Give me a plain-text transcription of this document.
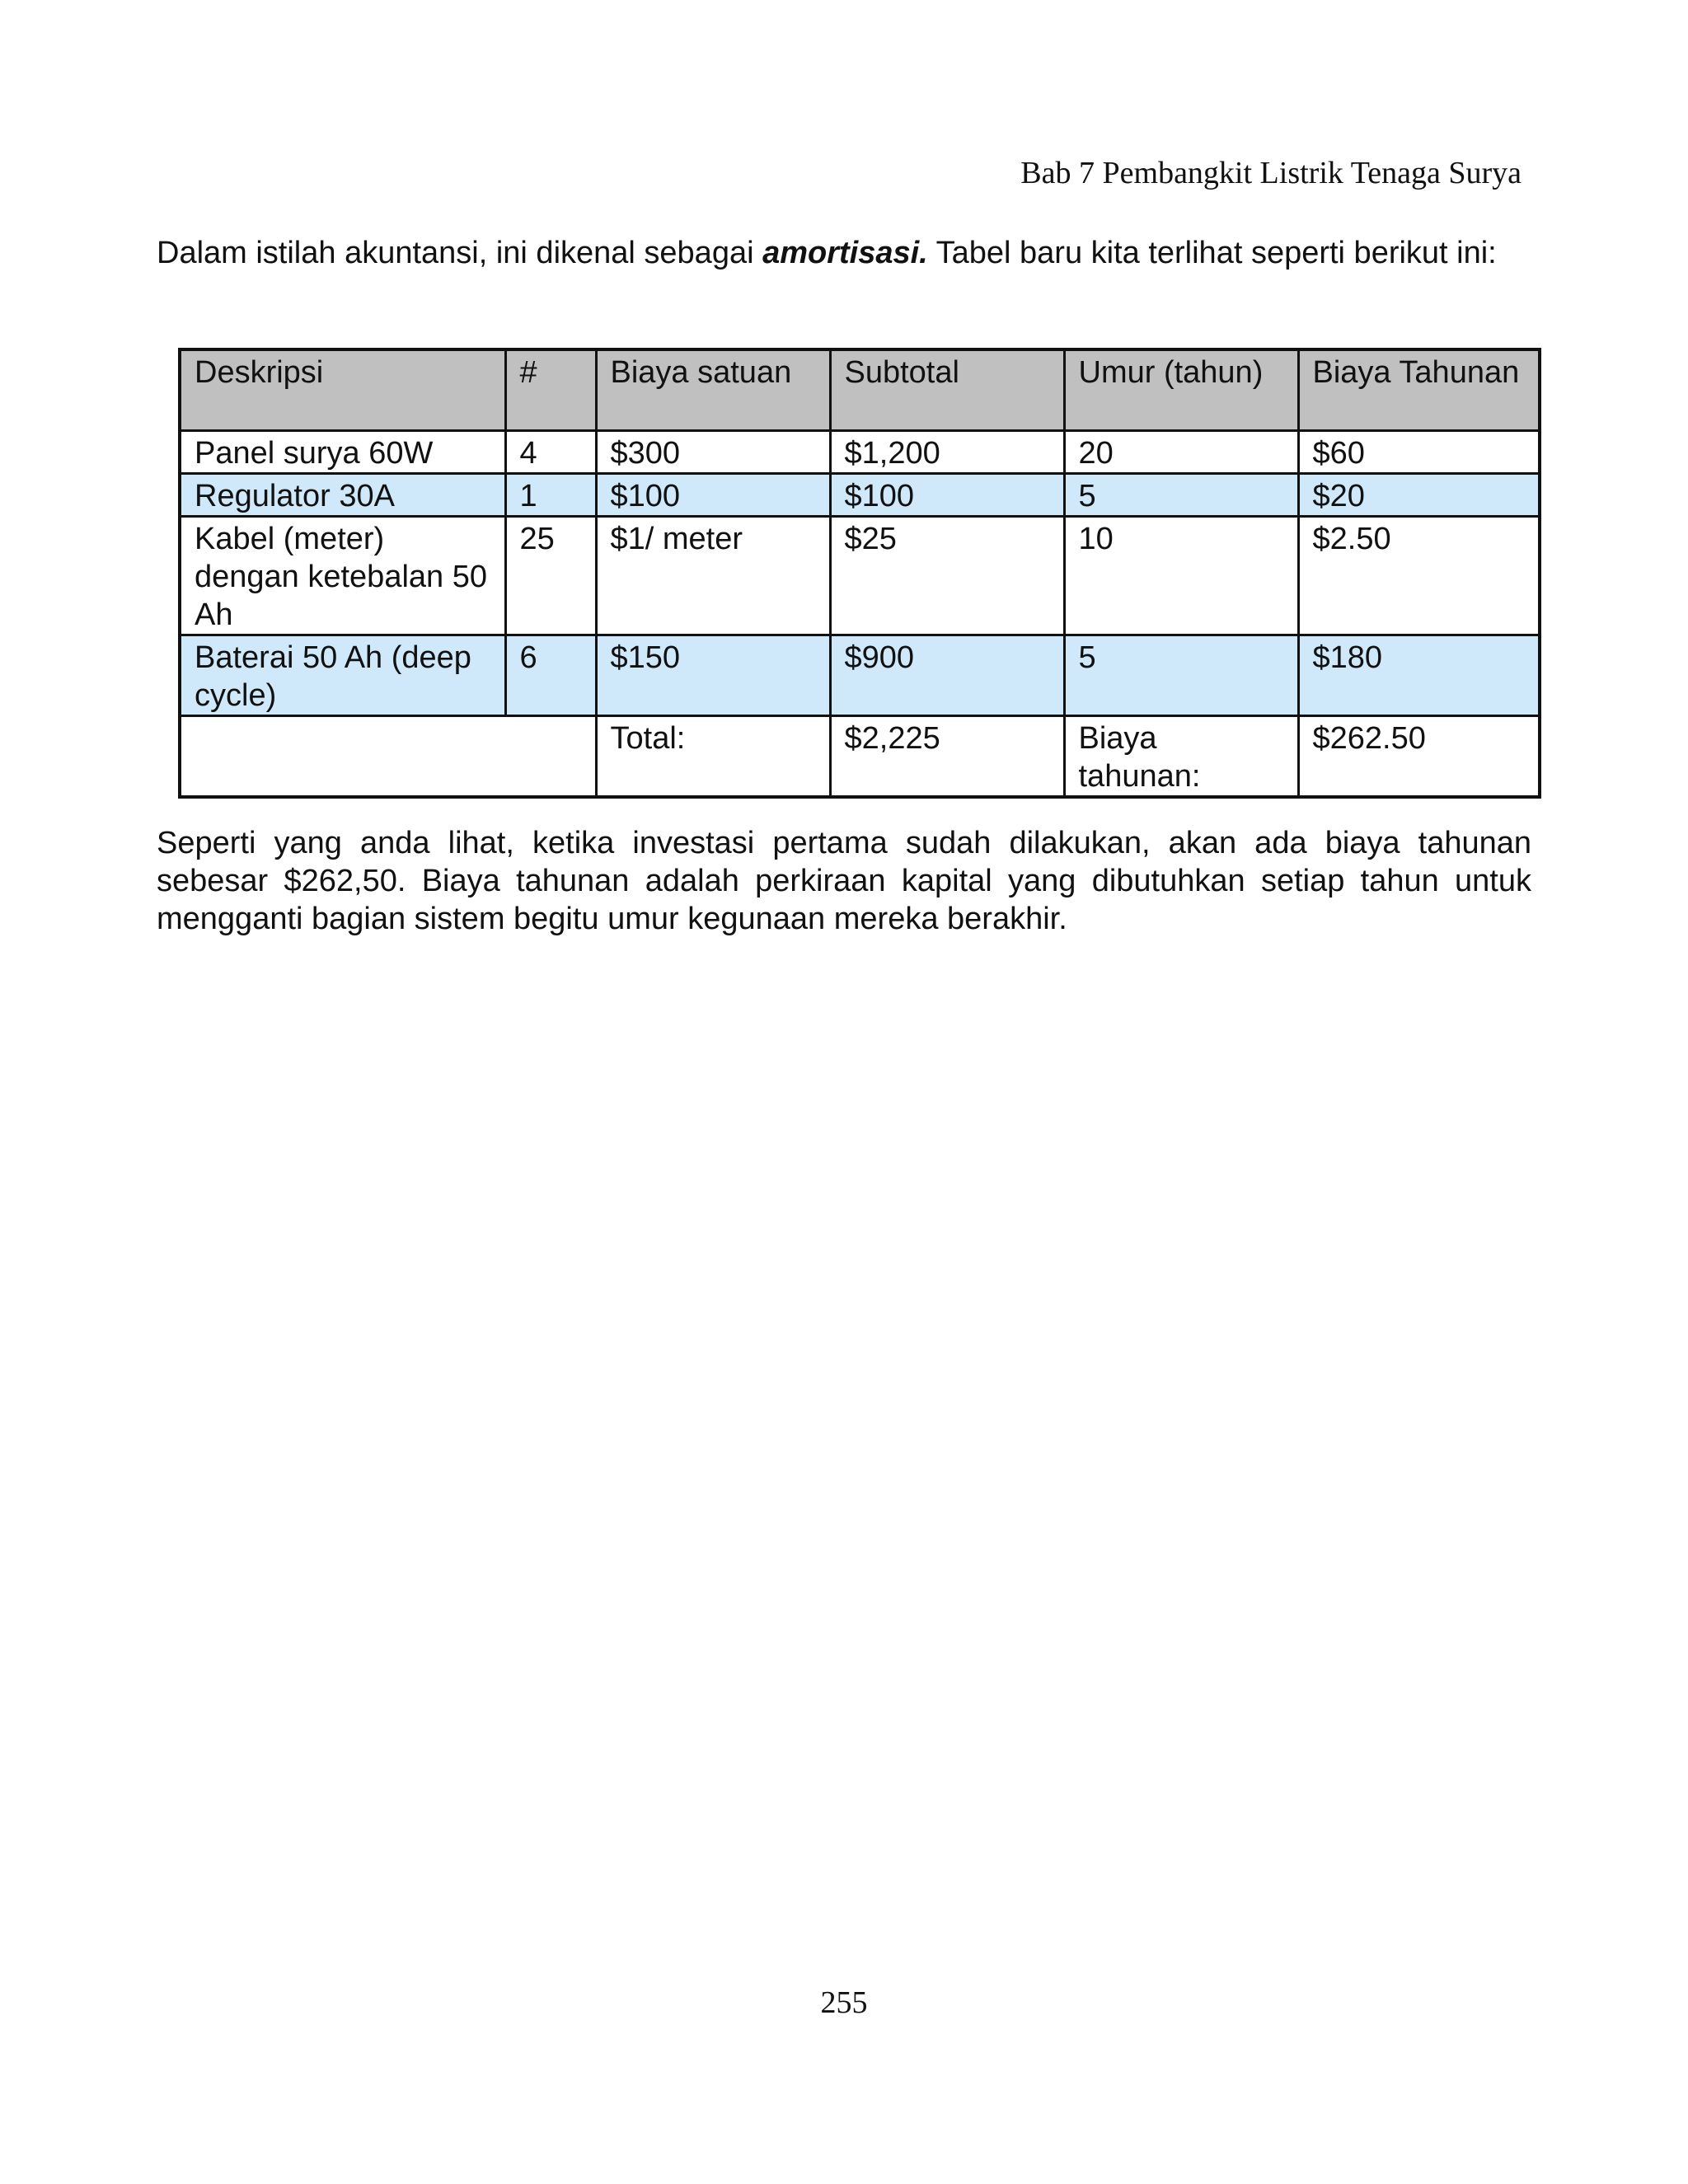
Bab 7 Pembangkit Listrik Tenaga Surya

Dalam istilah akuntansi, ini dikenal sebagai amortisasi. Tabel baru kita terlihat seperti berikut ini:

Deskripsi	#	Biaya satuan	Subtotal	Umur (tahun)	Biaya Tahunan
Panel surya 60W	4	$300	$1,200	20	$60
Regulator 30A	1	$100	$100	5	$20
Kabel (meter) dengan ketebalan 50 Ah	25	$1/ meter	$25	10	$2.50
Baterai 50 Ah (deep cycle)	6	$150	$900	5	$180
		Total:	$2,225	Biaya tahunan:	$262.50

Seperti yang anda lihat, ketika investasi pertama sudah dilakukan, akan ada biaya tahunan sebesar $262,50. Biaya tahunan adalah perkiraan kapital yang dibutuhkan setiap tahun untuk mengganti bagian sistem begitu umur kegunaan mereka berakhir.

255
